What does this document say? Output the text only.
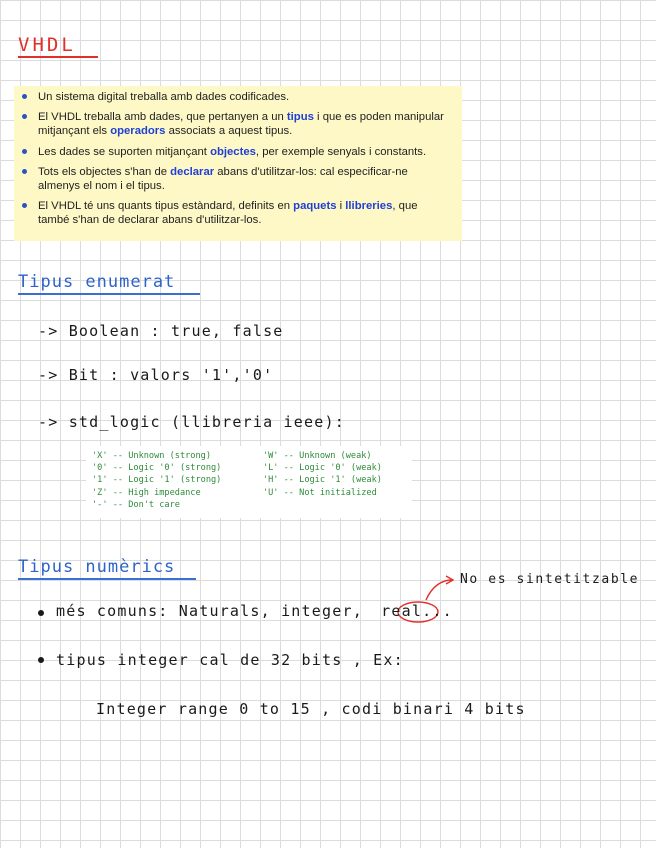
VHDL
Un sistema digital treballa amb dades codificades.
El VHDL treballa amb dades, que pertanyen a un tipus i que es poden manipular mitjançant els operadors associats a aquest tipus.
Les dades se suporten mitjançant objectes, per exemple senyals i constants.
Tots els objectes s'han de declarar abans d'utilitzar-los: cal especificar-ne almenys el nom i el tipus.
El VHDL té uns quants tipus estàndard, definits en paquets i llibreries, que també s'han de declarar abans d'utilitzar-los.
Tipus enumerat
-> Boolean : true, false
-> Bit : valors '1','0'
-> std_logic (llibreria ieee):
'X' -- Unknown (strong)	'W' -- Unknown (weak)
'0' -- Logic '0' (strong)	'L' -- Logic '0' (weak)
'1' -- Logic '1' (strong)	'H' -- Logic '1' (weak)
'Z' -- High impedance	'U' -- Not initialized
'-' -- Don't care
Tipus numèrics
No es sintetitzable
més comuns: Naturals, integer, real...
tipus integer cal de 32 bits , Ex:
Integer range 0 to 15 , codi binari 4 bits
